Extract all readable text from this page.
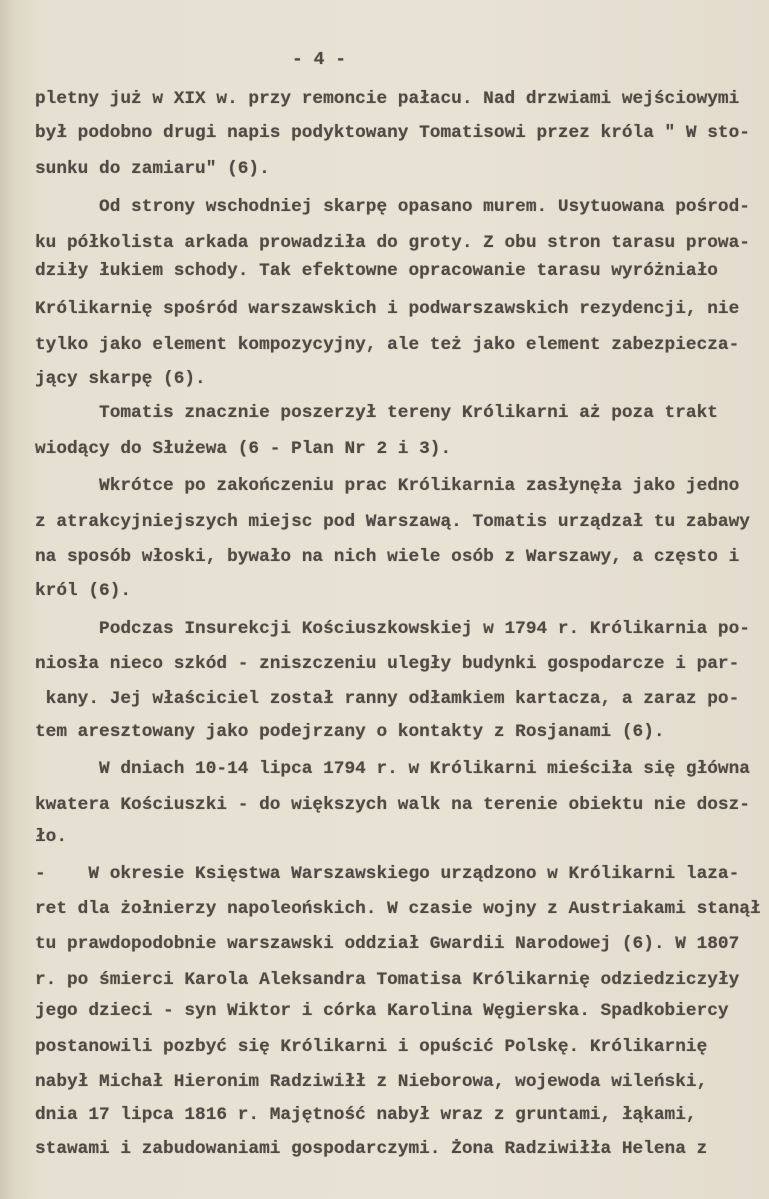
- 4 -

pletny już w XIX w. przy remoncie pałacu. Nad drzwiami wejściowymi

był podobno drugi napis podyktowany Tomatisowi przez króla " W sto-

sunku do zamiaru" (6).

Od strony wschodniej skarpę opasano murem. Usytuowana pośrod-

ku półkolista arkada prowadziła do groty. Z obu stron tarasu prowa-

dziły łukiem schody. Tak efektowne opracowanie tarasu wyróżniało

Królikarnię spośród warszawskich i podwarszawskich rezydencji, nie

tylko jako element kompozycyjny, ale też jako element zabezpiecza-

jący skarpę (6).

Tomatis znacznie poszerzył tereny Królikarni aż poza trakt

wiodący do Służewa (6 - Plan Nr 2 i 3).

Wkrótce po zakończeniu prac Królikarnia zasłynęła jako jedno

z atrakcyjniejszych miejsc pod Warszawą. Tomatis urządzał tu zabawy

na sposób włoski, bywało na nich wiele osób z Warszawy, a często i

król (6).

Podczas Insurekcji Kościuszkowskiej w 1794 r. Królikarnia po-

niosła nieco szkód - zniszczeniu uległy budynki gospodarcze i par-

kany. Jej właściciel został ranny odłamkiem kartacza, a zaraz po-

tem aresztowany jako podejrzany o kontakty z Rosjanami (6).

W dniach 10-14 lipca 1794 r. w Królikarni mieściła się główna

kwatera Kościuszki - do większych walk na terenie obiektu nie dosz-

ło.

-    W okresie Księstwa Warszawskiego urządzono w Królikarni laza-

ret dla żołnierzy napoleońskich. W czasie wojny z Austriakami stanął

tu prawdopodobnie warszawski oddział Gwardii Narodowej (6). W 1807

r. po śmierci Karola Aleksandra Tomatisa Królikarnię odziedziczyły

jego dzieci - syn Wiktor i córka Karolina Węgierska. Spadkobiercy

postanowili pozbyć się Królikarni i opuścić Polskę. Królikarnię

nabył Michał Hieronim Radziwiłł z Nieborowa, wojewoda wileński,

dnia 17 lipca 1816 r. Majętność nabył wraz z gruntami, łąkami,

stawami i zabudowaniami gospodarczymi. Żona Radziwiłła Helena z
